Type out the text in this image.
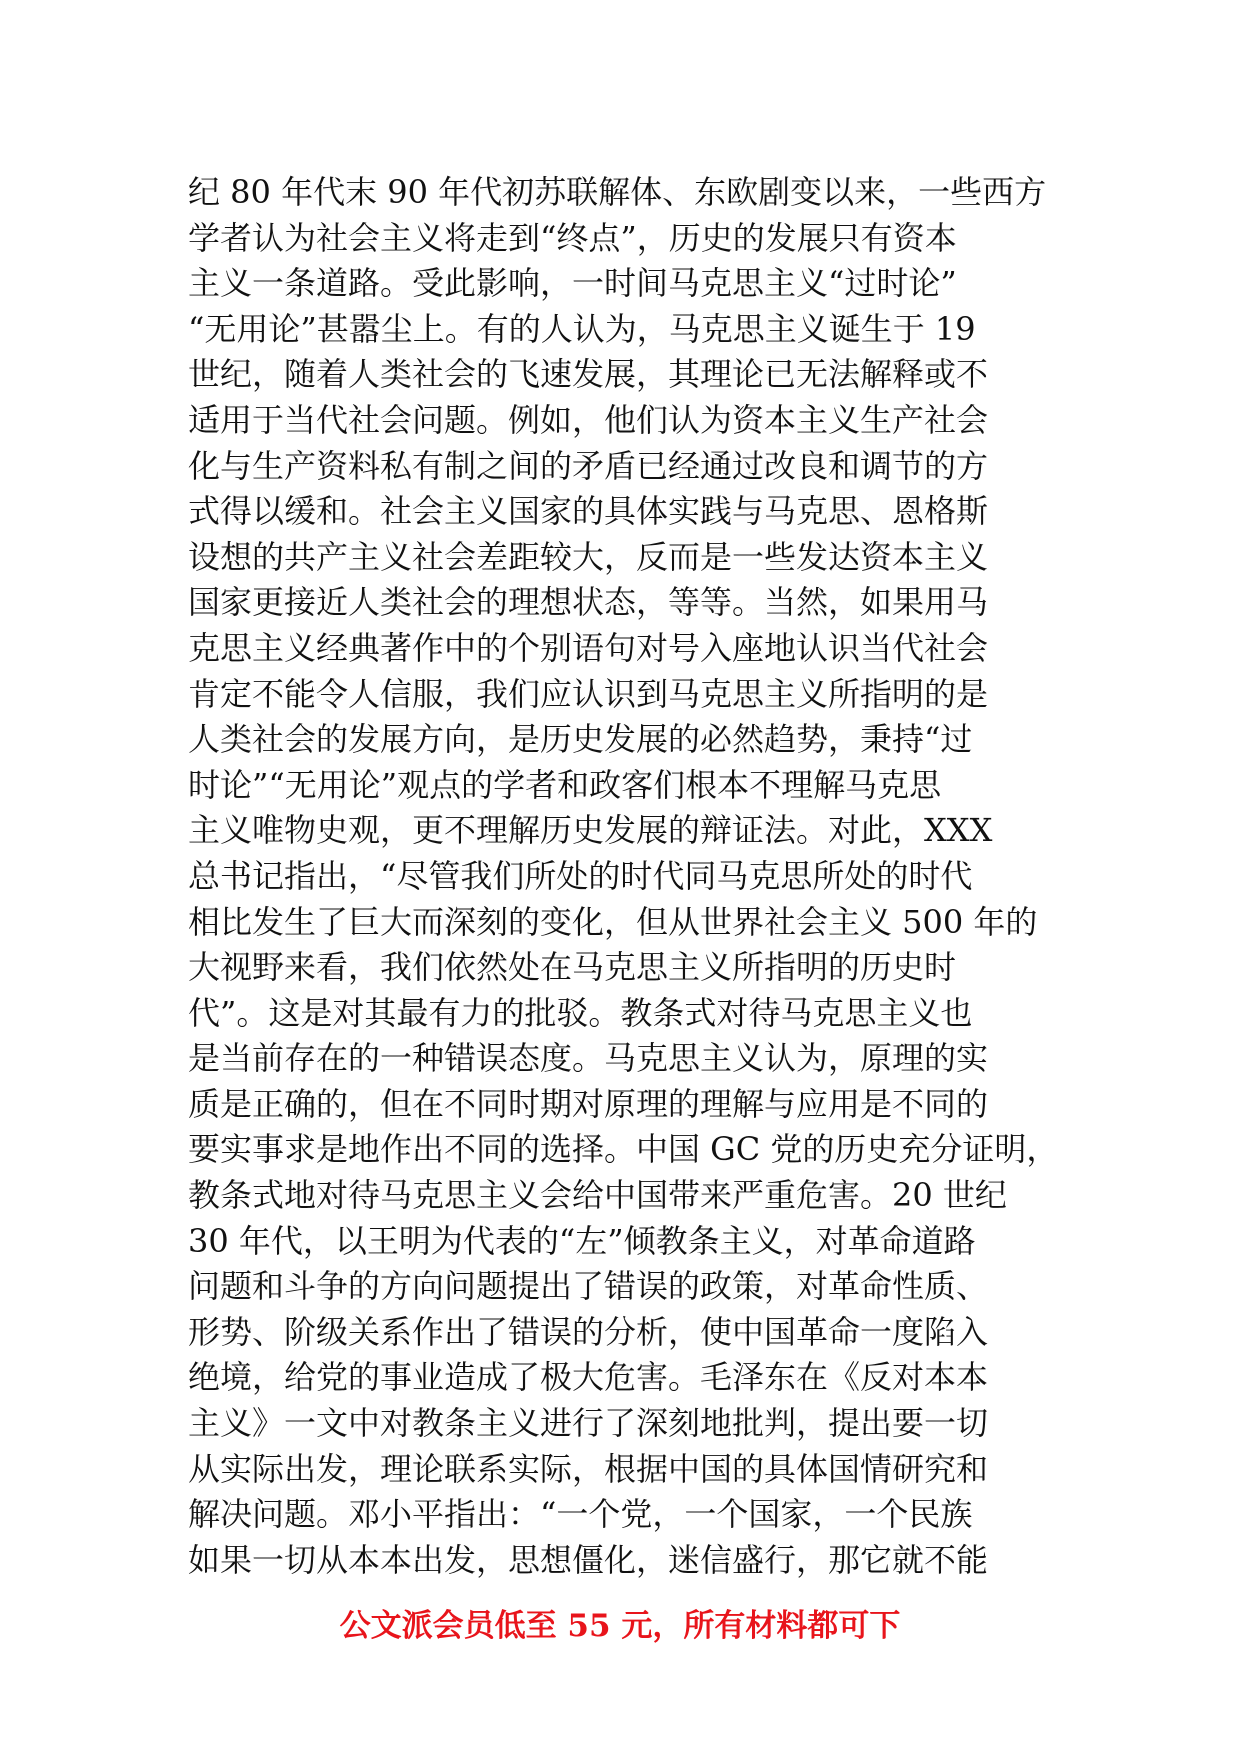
纪 80 年代末 90 年代初苏联解体、东欧剧变以来，一些西方
学者认为社会主义将走到“终点”，历史的发展只有资本
主义一条道路。受此影响，一时间马克思主义“过时论”
“无用论”甚嚣尘上。有的人认为，马克思主义诞生于 19
世纪，随着人类社会的飞速发展，其理论已无法解释或不
适用于当代社会问题。例如，他们认为资本主义生产社会
化与生产资料私有制之间的矛盾已经通过改良和调节的方
式得以缓和。社会主义国家的具体实践与马克思、恩格斯
设想的共产主义社会差距较大，反而是一些发达资本主义
国家更接近人类社会的理想状态，等等。当然，如果用马
克思主义经典著作中的个别语句对号入座地认识当代社会
肯定不能令人信服，我们应认识到马克思主义所指明的是
人类社会的发展方向，是历史发展的必然趋势，秉持“过
时论”“无用论”观点的学者和政客们根本不理解马克思
主义唯物史观，更不理解历史发展的辩证法。对此，XXX
总书记指出，“尽管我们所处的时代同马克思所处的时代
相比发生了巨大而深刻的变化，但从世界社会主义 500 年的
大视野来看，我们依然处在马克思主义所指明的历史时
代”。这是对其最有力的批驳。教条式对待马克思主义也
是当前存在的一种错误态度。马克思主义认为，原理的实
质是正确的，但在不同时期对原理的理解与应用是不同的
要实事求是地作出不同的选择。中国 GC 党的历史充分证明，
教条式地对待马克思主义会给中国带来严重危害。20 世纪
30 年代，以王明为代表的“左”倾教条主义，对革命道路
问题和斗争的方向问题提出了错误的政策，对革命性质、
形势、阶级关系作出了错误的分析，使中国革命一度陷入
绝境，给党的事业造成了极大危害。毛泽东在《反对本本
主义》一文中对教条主义进行了深刻地批判，提出要一切
从实际出发，理论联系实际，根据中国的具体国情研究和
解决问题。邓小平指出：“一个党，一个国家，一个民族
如果一切从本本出发，思想僵化，迷信盛行，那它就不能

公文派会员低至 55 元，所有材料都可下
